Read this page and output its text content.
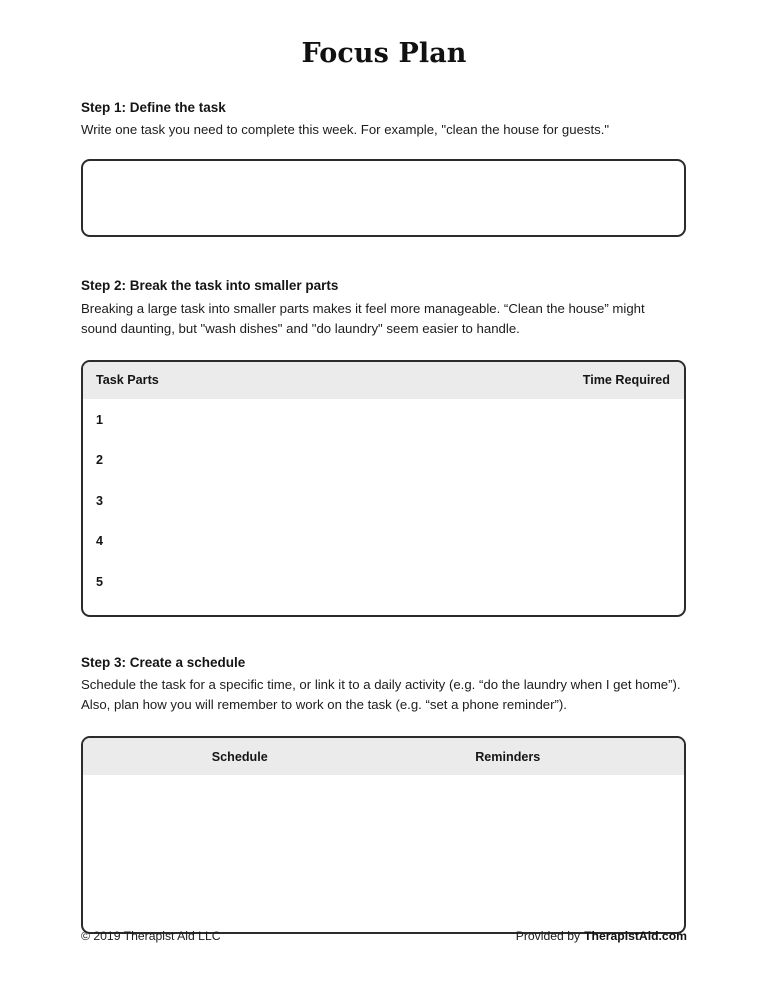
Focus Plan
Step 1: Define the task

Write one task you need to complete this week. For example, "clean the house for guests."

Step 2: Break the task into smaller parts

Breaking a large task into smaller parts makes it feel more manageable. “Clean the house” might sound daunting, but "wash dishes" and "do laundry" seem easier to handle.

Task Parts	Time Required
1
2
3
4
5
Step 3: Create a schedule

Schedule the task for a specific time, or link it to a daily activity (e.g. “do the laundry when I get home”). Also, plan how you will remember to work on the task (e.g. “set a phone reminder”).

Schedule	Reminders
© 2019 Therapist Aid LLC	Provided by TherapistAid.com
